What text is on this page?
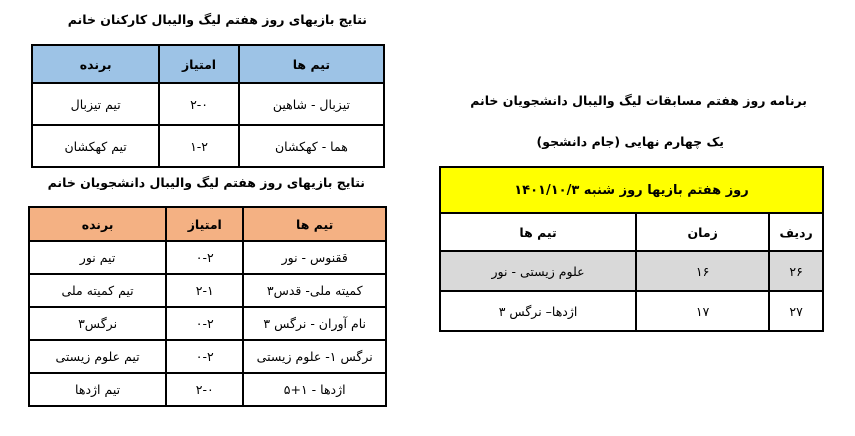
نتایج بازیهای روز هفتم لیگ والیبال کارکنان خانم
تیم ها	امتیاز	برنده
تیزبال - شاهین	۲-۰	تیم تیزبال
هما - کهکشان	۱-۲	تیم کهکشان
نتایج بازیهای روز هفتم لیگ والیبال دانشجویان خانم
تیم ها	امتیاز	برنده
ققنوس - نور	۰-۲	تیم نور
کمیته ملی- قدس۳	۲-۱	تیم کمیته ملی
نام آوران - نرگس ۳	۰-۲	نرگس۳
نرگس ۱- علوم زیستی	۰-۲	تیم علوم زیستی
اژدها - ۱+۵	۲-۰	تیم اژدها
برنامه روز هفتم مسابقات لیگ والیبال دانشجویان خانم
یک چهارم نهایی (جام دانشجو)
روز هفتم بازیها روز شنبه ۱۴۰۱/۱۰/۳		
ردیف	زمان	تیم ها
۲۶	۱۶	علوم زیستی - نور
۲۷	۱۷	اژدها– نرگس ۳
